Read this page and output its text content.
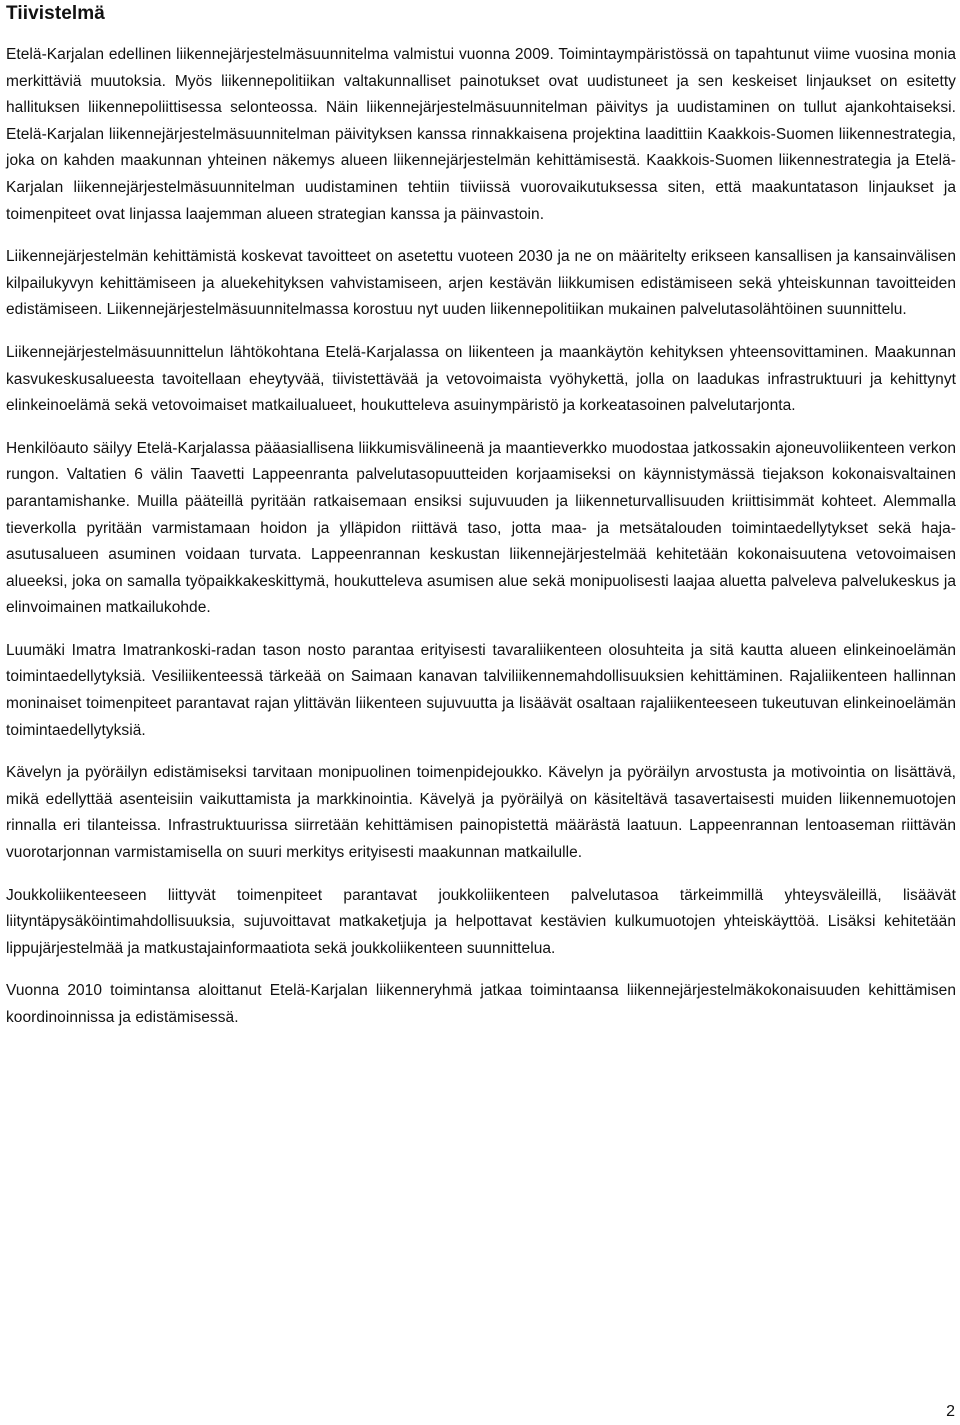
Tiivistelmä

Etelä-Karjalan edellinen liikennejärjestelmäsuunnitelma valmistui vuonna 2009. Toimintaympäristössä on tapahtunut viime vuosina monia merkittäviä muutoksia. Myös liikennepolitiikan valtakunnalliset painotukset ovat uudistuneet ja sen keskeiset linjaukset on esitetty hallituksen liikennepoliittisessa selonteossa. Näin liikennejärjestelmäsuunnitelman päivitys ja uudistaminen on tullut ajankohtaiseksi. Etelä-Karjalan liikennejärjestelmäsuunnitelman päivityksen kanssa rinnakkaisena projektina laadittiin Kaakkois-Suomen liikennestrategia, joka on kahden maakunnan yhteinen näkemys alueen liikennejärjestelmän kehittämisestä. Kaakkois-Suomen liikennestrategia ja Etelä-Karjalan liikennejärjestelmäsuunnitelman uudistaminen tehtiin tiiviissä vuorovaikutuksessa siten, että maakuntatason linjaukset ja toimenpiteet ovat linjassa laajemman alueen strategian kanssa ja päinvastoin.

Liikennejärjestelmän kehittämistä koskevat tavoitteet on asetettu vuoteen 2030 ja ne on määritelty erikseen kansallisen ja kansainvälisen kilpailukyvyn kehittämiseen ja aluekehityksen vahvistamiseen, arjen kestävän liikkumisen edistämiseen sekä yhteiskunnan tavoitteiden edistämiseen. Liikennejärjestelmäsuunnitelmassa korostuu nyt uuden liikennepolitiikan mukainen palvelutasolähtöinen suunnittelu.

Liikennejärjestelmäsuunnittelun lähtökohtana Etelä-Karjalassa on liikenteen ja maankäytön kehityksen yhteensovittaminen. Maakunnan kasvukeskusalueesta tavoitellaan eheytyvää, tiivistettävää ja vetovoimaista vyöhykettä, jolla on laadukas infrastruktuuri ja kehittynyt elinkeinoelämä sekä vetovoimaiset matkailualueet, houkutteleva asuinympäristö ja korkeatasoinen palvelutarjonta.

Henkilöauto säilyy Etelä-Karjalassa pääasiallisena liikkumisvälineenä ja maantieverkko muodostaa jatkossakin ajoneuvoliikenteen verkon rungon. Valtatien 6 välin Taavetti Lappeenranta palvelutasopuutteiden korjaamiseksi on käynnistymässä tiejakson kokonaisvaltainen parantamishanke. Muilla pääteillä pyritään ratkaisemaan ensiksi sujuvuuden ja liikenneturvallisuuden kriittisimmät kohteet. Alemmalla tieverkolla pyritään varmistamaan hoidon ja ylläpidon riittävä taso, jotta maa- ja metsätalouden toimintaedellytykset sekä haja-asutusalueen asuminen voidaan turvata. Lappeenrannan keskustan liikennejärjestelmää kehitetään kokonaisuutena vetovoimaisen alueeksi, joka on samalla työpaikkakeskittymä, houkutteleva asumisen alue sekä monipuolisesti laajaa aluetta palveleva palvelukeskus ja elinvoimainen matkailukohde.

Luumäki Imatra Imatrankoski-radan tason nosto parantaa erityisesti tavaraliikenteen olosuhteita ja sitä kautta alueen elinkeinoelämän toimintaedellytyksiä. Vesiliikenteessä tärkeää on Saimaan kanavan talviliikennemahdollisuuksien kehittäminen. Rajaliikenteen hallinnan moninaiset toimenpiteet parantavat rajan ylittävän liikenteen sujuvuutta ja lisäävät osaltaan rajaliikenteeseen tukeutuvan elinkeinoelämän toimintaedellytyksiä.

Kävelyn ja pyöräilyn edistämiseksi tarvitaan monipuolinen toimenpidejoukko. Kävelyn ja pyöräilyn arvostusta ja motivointia on lisättävä, mikä edellyttää asenteisiin vaikuttamista ja markkinointia. Kävelyä ja pyöräilyä on käsiteltävä tasavertaisesti muiden liikennemuotojen rinnalla eri tilanteissa. Infrastruktuurissa siirretään kehittämisen painopistettä määrästä laatuun. Lappeenrannan lentoaseman riittävän vuorotarjonnan varmistamisella on suuri merkitys erityisesti maakunnan matkailulle.

Joukkoliikenteeseen liittyvät toimenpiteet parantavat joukkoliikenteen palvelutasoa tärkeimmillä yhteysväleillä, lisäävät liityntäpysäköintimahdollisuuksia, sujuvoittavat matkaketjuja ja helpottavat kestävien kulkumuotojen yhteiskäyttöä. Lisäksi kehitetään lippujärjestelmää ja matkustajainformaatiota sekä joukkoliikenteen suunnittelua.

Vuonna 2010 toimintansa aloittanut Etelä-Karjalan liikenneryhmä jatkaa toimintaansa liikennejärjestelmäkokonaisuuden kehittämisen koordinoinnissa ja edistämisessä.

2
